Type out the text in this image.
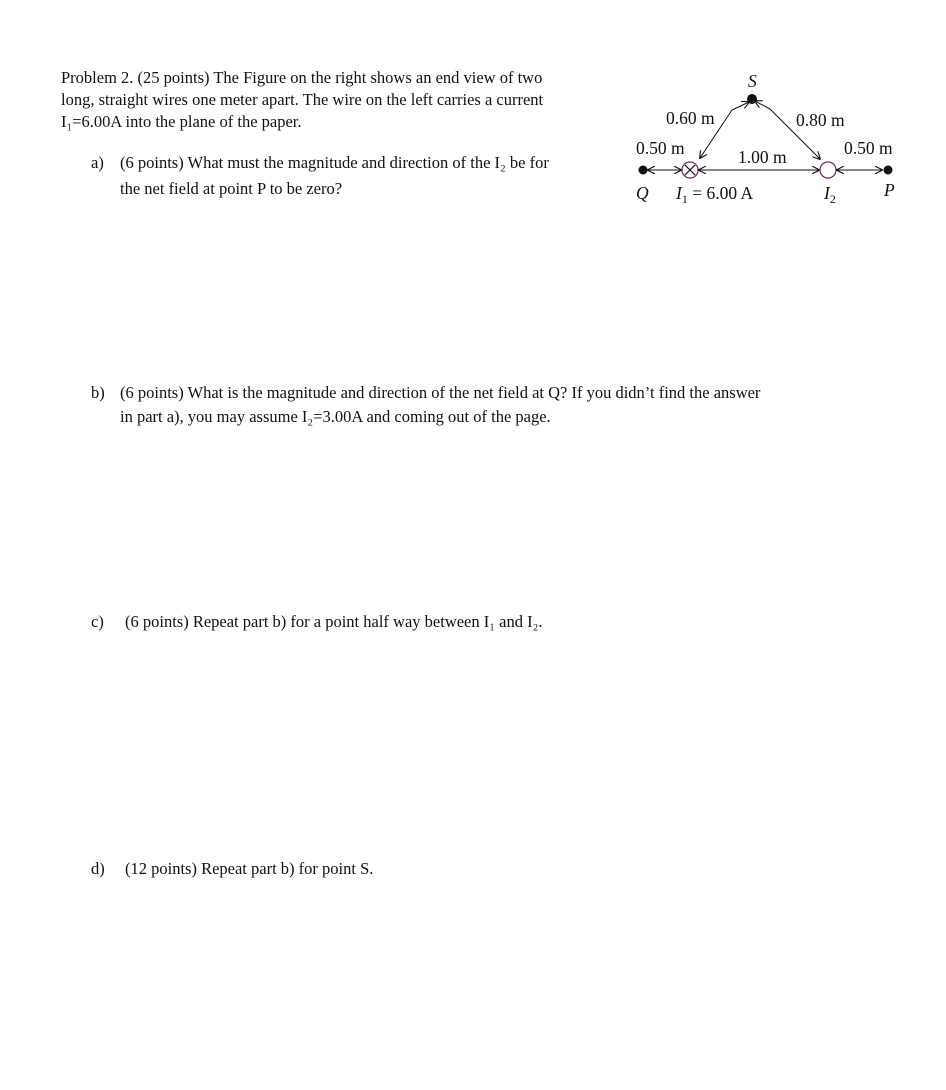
Problem 2. (25 points) The Figure on the right shows an end view of two
long, straight wires one meter apart. The wire on the left carries a current
I₁=6.00A into the plane of the paper.
a) (6 points) What must the magnitude and direction of the I₂ be for
the net field at point P to be zero?
S
0.60 m	0.80 m
0.50 m	1.00 m	0.50 m
Q $I_1 = 6.00$ A	$I_2$	P
b) (6 points) What is the magnitude and direction of the net field at Q? If you didn’t find the answer
in part a), you may assume I₂=3.00A and coming out of the page.
c) (6 points) Repeat part b) for a point half way between I₁ and I₂.
d) (12 points) Repeat part b) for point S.
